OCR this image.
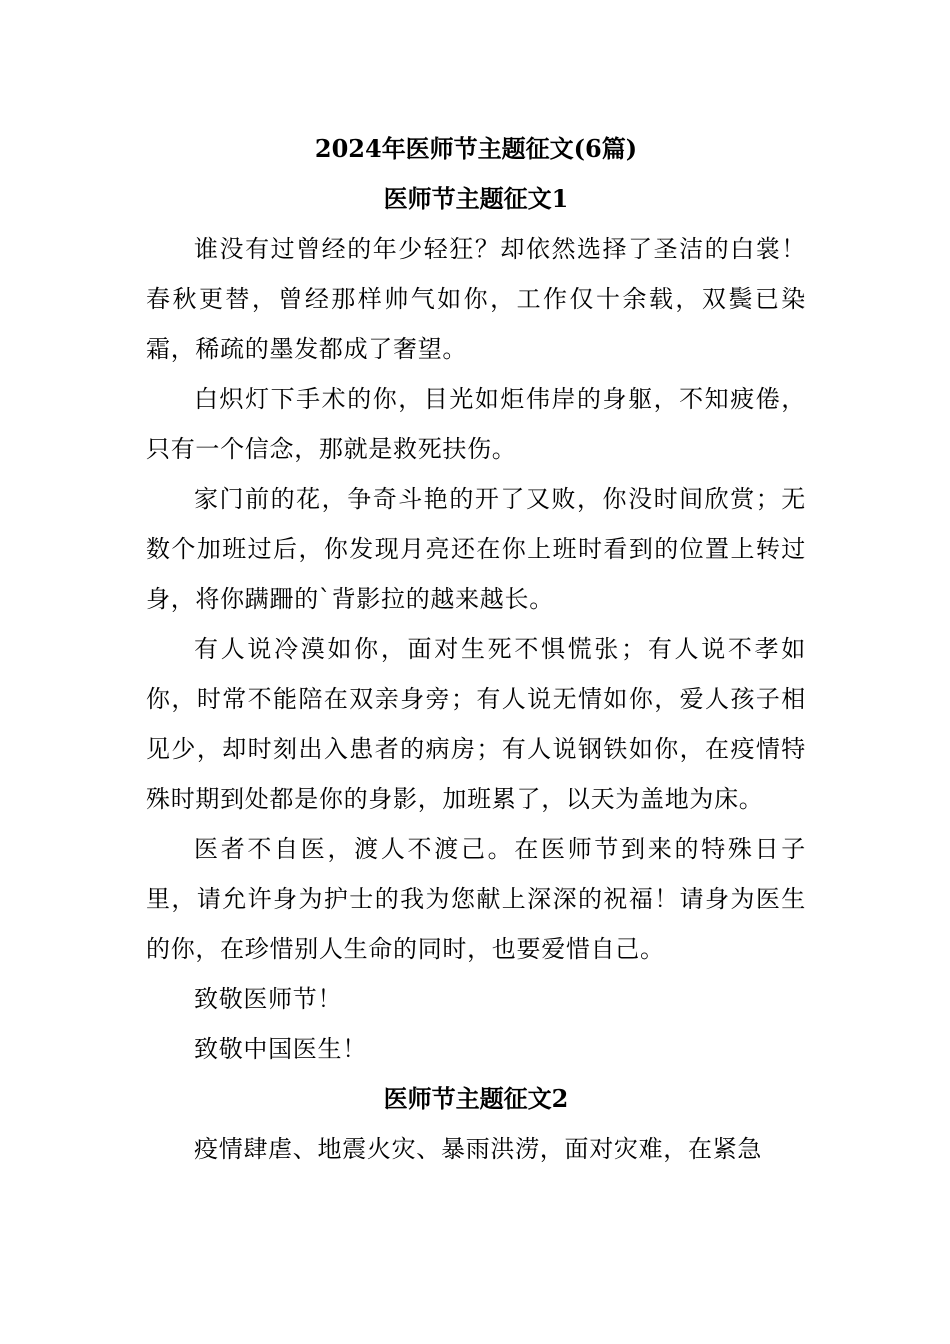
2024年医师节主题征文(6篇)
医师节主题征文1

谁没有过曾经的年少轻狂？却依然选择了圣洁的白裳！春秋更替，曾经那样帅气如你，工作仅十余载，双鬓已染霜，稀疏的墨发都成了奢望。

白炽灯下手术的你，目光如炬伟岸的身躯，不知疲倦，只有一个信念，那就是救死扶伤。

家门前的花，争奇斗艳的开了又败，你没时间欣赏；无数个加班过后，你发现月亮还在你上班时看到的位置上转过身，将你蹒跚的`背影拉的越来越长。

有人说冷漠如你，面对生死不惧慌张；有人说不孝如你，时常不能陪在双亲身旁；有人说无情如你，爱人孩子相见少，却时刻出入患者的病房；有人说钢铁如你，在疫情特殊时期到处都是你的身影，加班累了，以天为盖地为床。

医者不自医，渡人不渡己。在医师节到来的特殊日子里，请允许身为护士的我为您献上深深的祝福！请身为医生的你，在珍惜别人生命的同时，也要爱惜自己。

致敬医师节！

致敬中国医生！

医师节主题征文2

疫情肆虐、地震火灾、暴雨洪涝，面对灾难，在紧急
